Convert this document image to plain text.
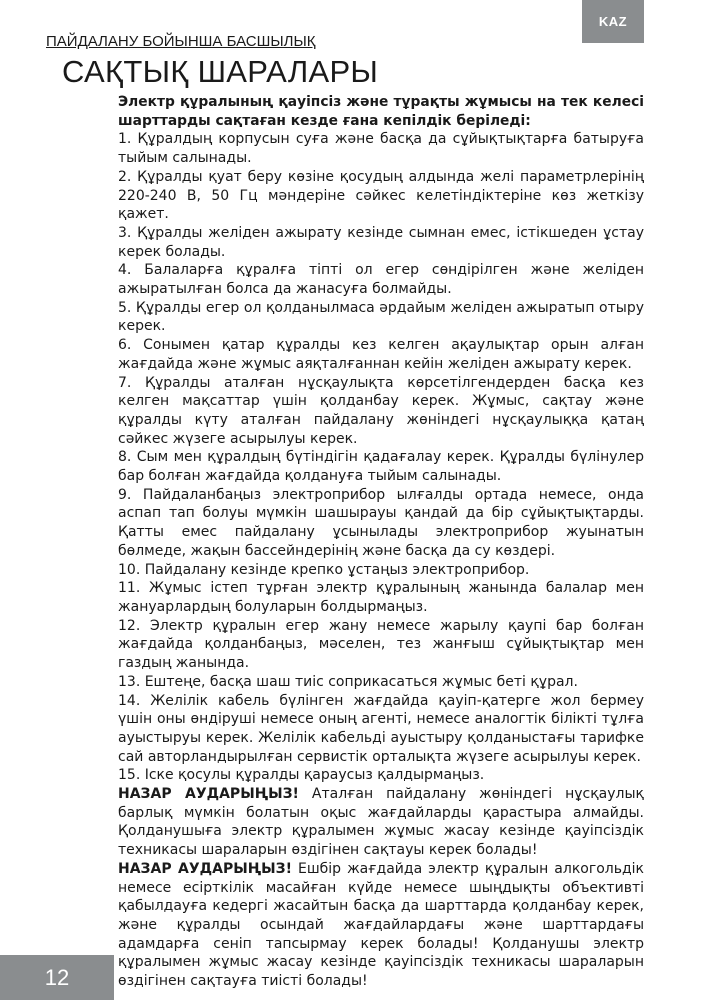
KAZ
ПАЙДАЛАНУ БОЙЫНША БАСШЫЛЫҚ
САҚТЫҚ ШАРАЛАРЫ

Электр құралының қауіпсіз және тұрақты жұмысы на тек келесі шарттарды сақтаған кезде ғана кепілдік беріледі:

1. Құралдың корпусын суға және басқа да сұйықтықтарға батыруға тыйым салынады.

2. Құралды қуат беру көзіне қосудың алдында желі параметрлерінің 220-240 В, 50 Гц мәндеріне сәйкес келетіндіктеріне көз жеткізу қажет.

3. Құралды желіден ажырату кезінде сымнан емес, істікшеден ұстау керек болады.

4. Балаларға құралға тіпті ол егер сөндірілген және желіден ажыратылған болса да жанасуға болмайды.

5. Құралды егер ол қолданылмаса әрдайым желіден ажыратып отыру керек.

6. Сонымен қатар құралды кез келген ақаулықтар орын алған жағдайда және жұмыс аяқталғаннан кейін желіден ажырату керек.

7. Құралды аталған нұсқаулықта көрсетілгендерден басқа кез келген мақсаттар үшін қолданбау керек. Жұмыс, сақтау және құралды күту аталған пайдалану жөніндегі нұсқаулыққа қатаң сәйкес жүзеге асырылуы керек.

8. Сым мен құралдың бүтіндігін қадағалау керек. Құралды бүлінулер бар болған жағдайда қолдануға тыйым салынады.

9. Пайдаланбаңыз электроприбор ылғалды ортада немесе, онда аспап тап болуы мүмкін шашырауы қандай да бір сұйықтықтарды. Қатты емес пайдалану ұсынылады электроприбор жуынатын бөлмеде, жақын бассейндерінің және басқа да су көздері.

10. Пайдалану кезінде крепко ұстаңыз электроприбор.

11. Жұмыс істеп тұрған электр құралының жанында балалар мен жануарлардың болуларын болдырмаңыз.

12. Электр құралын егер жану немесе жарылу қаупі бар болған жағдайда қолданбаңыз, мәселен, тез жанғыш сұйықтықтар мен газдың жанында.

13. Ештеңе, басқа шаш тиіс соприкасаться жұмыс беті құрал.

14. Желілік кабель бүлінген жағдайда қауіп-қатерге жол бермеу үшін оны өндіруші немесе оның агенті, немесе аналогтік білікті тұлға ауыстыруы керек. Желілік кабельді ауыстыру қолданыстағы тарифке сай авторландырылған сервистік орталықта жүзеге асырылуы керек.

15. Іске қосулы құралды қараусыз қалдырмаңыз.

НАЗАР АУДАРЫҢЫЗ! Аталған пайдалану жөніндегі нұсқаулық барлық мүмкін болатын оқыс жағдайларды қарастыра алмайды. Қолданушыға электр құралымен жұмыс жасау кезінде қауіпсіздік техникасы шараларын өздігінен сақтауы керек болады!

НАЗАР АУДАРЫҢЫЗ! Ешбір жағдайда электр құралын алкогольдік немесе есірткілік масайған күйде немесе шыңдықты объективті қабылдауға кедергі жасайтын басқа да шарттарда қолданбау керек, және құралды осындай жағдайлардағы және шарттардағы адамдарға сеніп тапсырмау керек болады! Қолданушы электр құралымен жұмыс жасау кезінде қауіпсіздік техникасы шараларын өздігінен сақтауға тиісті болады!

12
